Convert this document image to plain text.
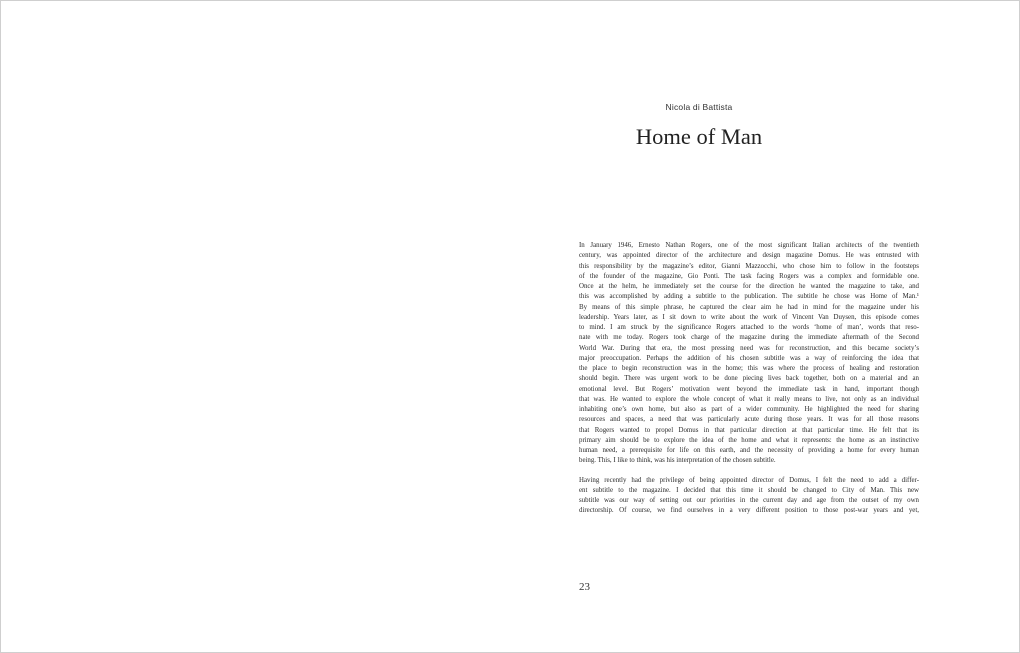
Nicola di Battista
Home of Man
In January 1946, Ernesto Nathan Rogers, one of the most significant Italian architects of the twentieth
century, was appointed director of the architecture and design magazine Domus. He was entrusted with
this responsibility by the magazine’s editor, Gianni Mazzocchi, who chose him to follow in the footsteps
of the founder of the magazine, Gio Ponti. The task facing Rogers was a complex and formidable one.
Once at the helm, he immediately set the course for the direction he wanted the magazine to take, and
this was accomplished by adding a subtitle to the publication. The subtitle he chose was Home of Man.¹
By means of this simple phrase, he captured the clear aim he had in mind for the magazine under his
leadership. Years later, as I sit down to write about the work of Vincent Van Duysen, this episode comes
to mind. I am struck by the significance Rogers attached to the words ‘home of man’, words that reso-
nate with me today. Rogers took charge of the magazine during the immediate aftermath of the Second
World War. During that era, the most pressing need was for reconstruction, and this became society’s
major preoccupation. Perhaps the addition of his chosen subtitle was a way of reinforcing the idea that
the place to begin reconstruction was in the home; this was where the process of healing and restoration
should begin. There was urgent work to be done piecing lives back together, both on a material and an
emotional level. But Rogers’ motivation went beyond the immediate task in hand, important though
that was. He wanted to explore the whole concept of what it really means to live, not only as an individual
inhabiting one’s own home, but also as part of a wider community. He highlighted the need for sharing
resources and spaces, a need that was particularly acute during those years. It was for all those reasons
that Rogers wanted to propel Domus in that particular direction at that particular time. He felt that its
primary aim should be to explore the idea of the home and what it represents: the home as an instinctive
human need, a prerequisite for life on this earth, and the necessity of providing a home for every human
being. This, I like to think, was his interpretation of the chosen subtitle.
Having recently had the privilege of being appointed director of Domus, I felt the need to add a differ-
ent subtitle to the magazine. I decided that this time it should be changed to City of Man. This new
subtitle was our way of setting out our priorities in the current day and age from the outset of my own
directorship. Of course, we find ourselves in a very different position to those post-war years and yet,
23
